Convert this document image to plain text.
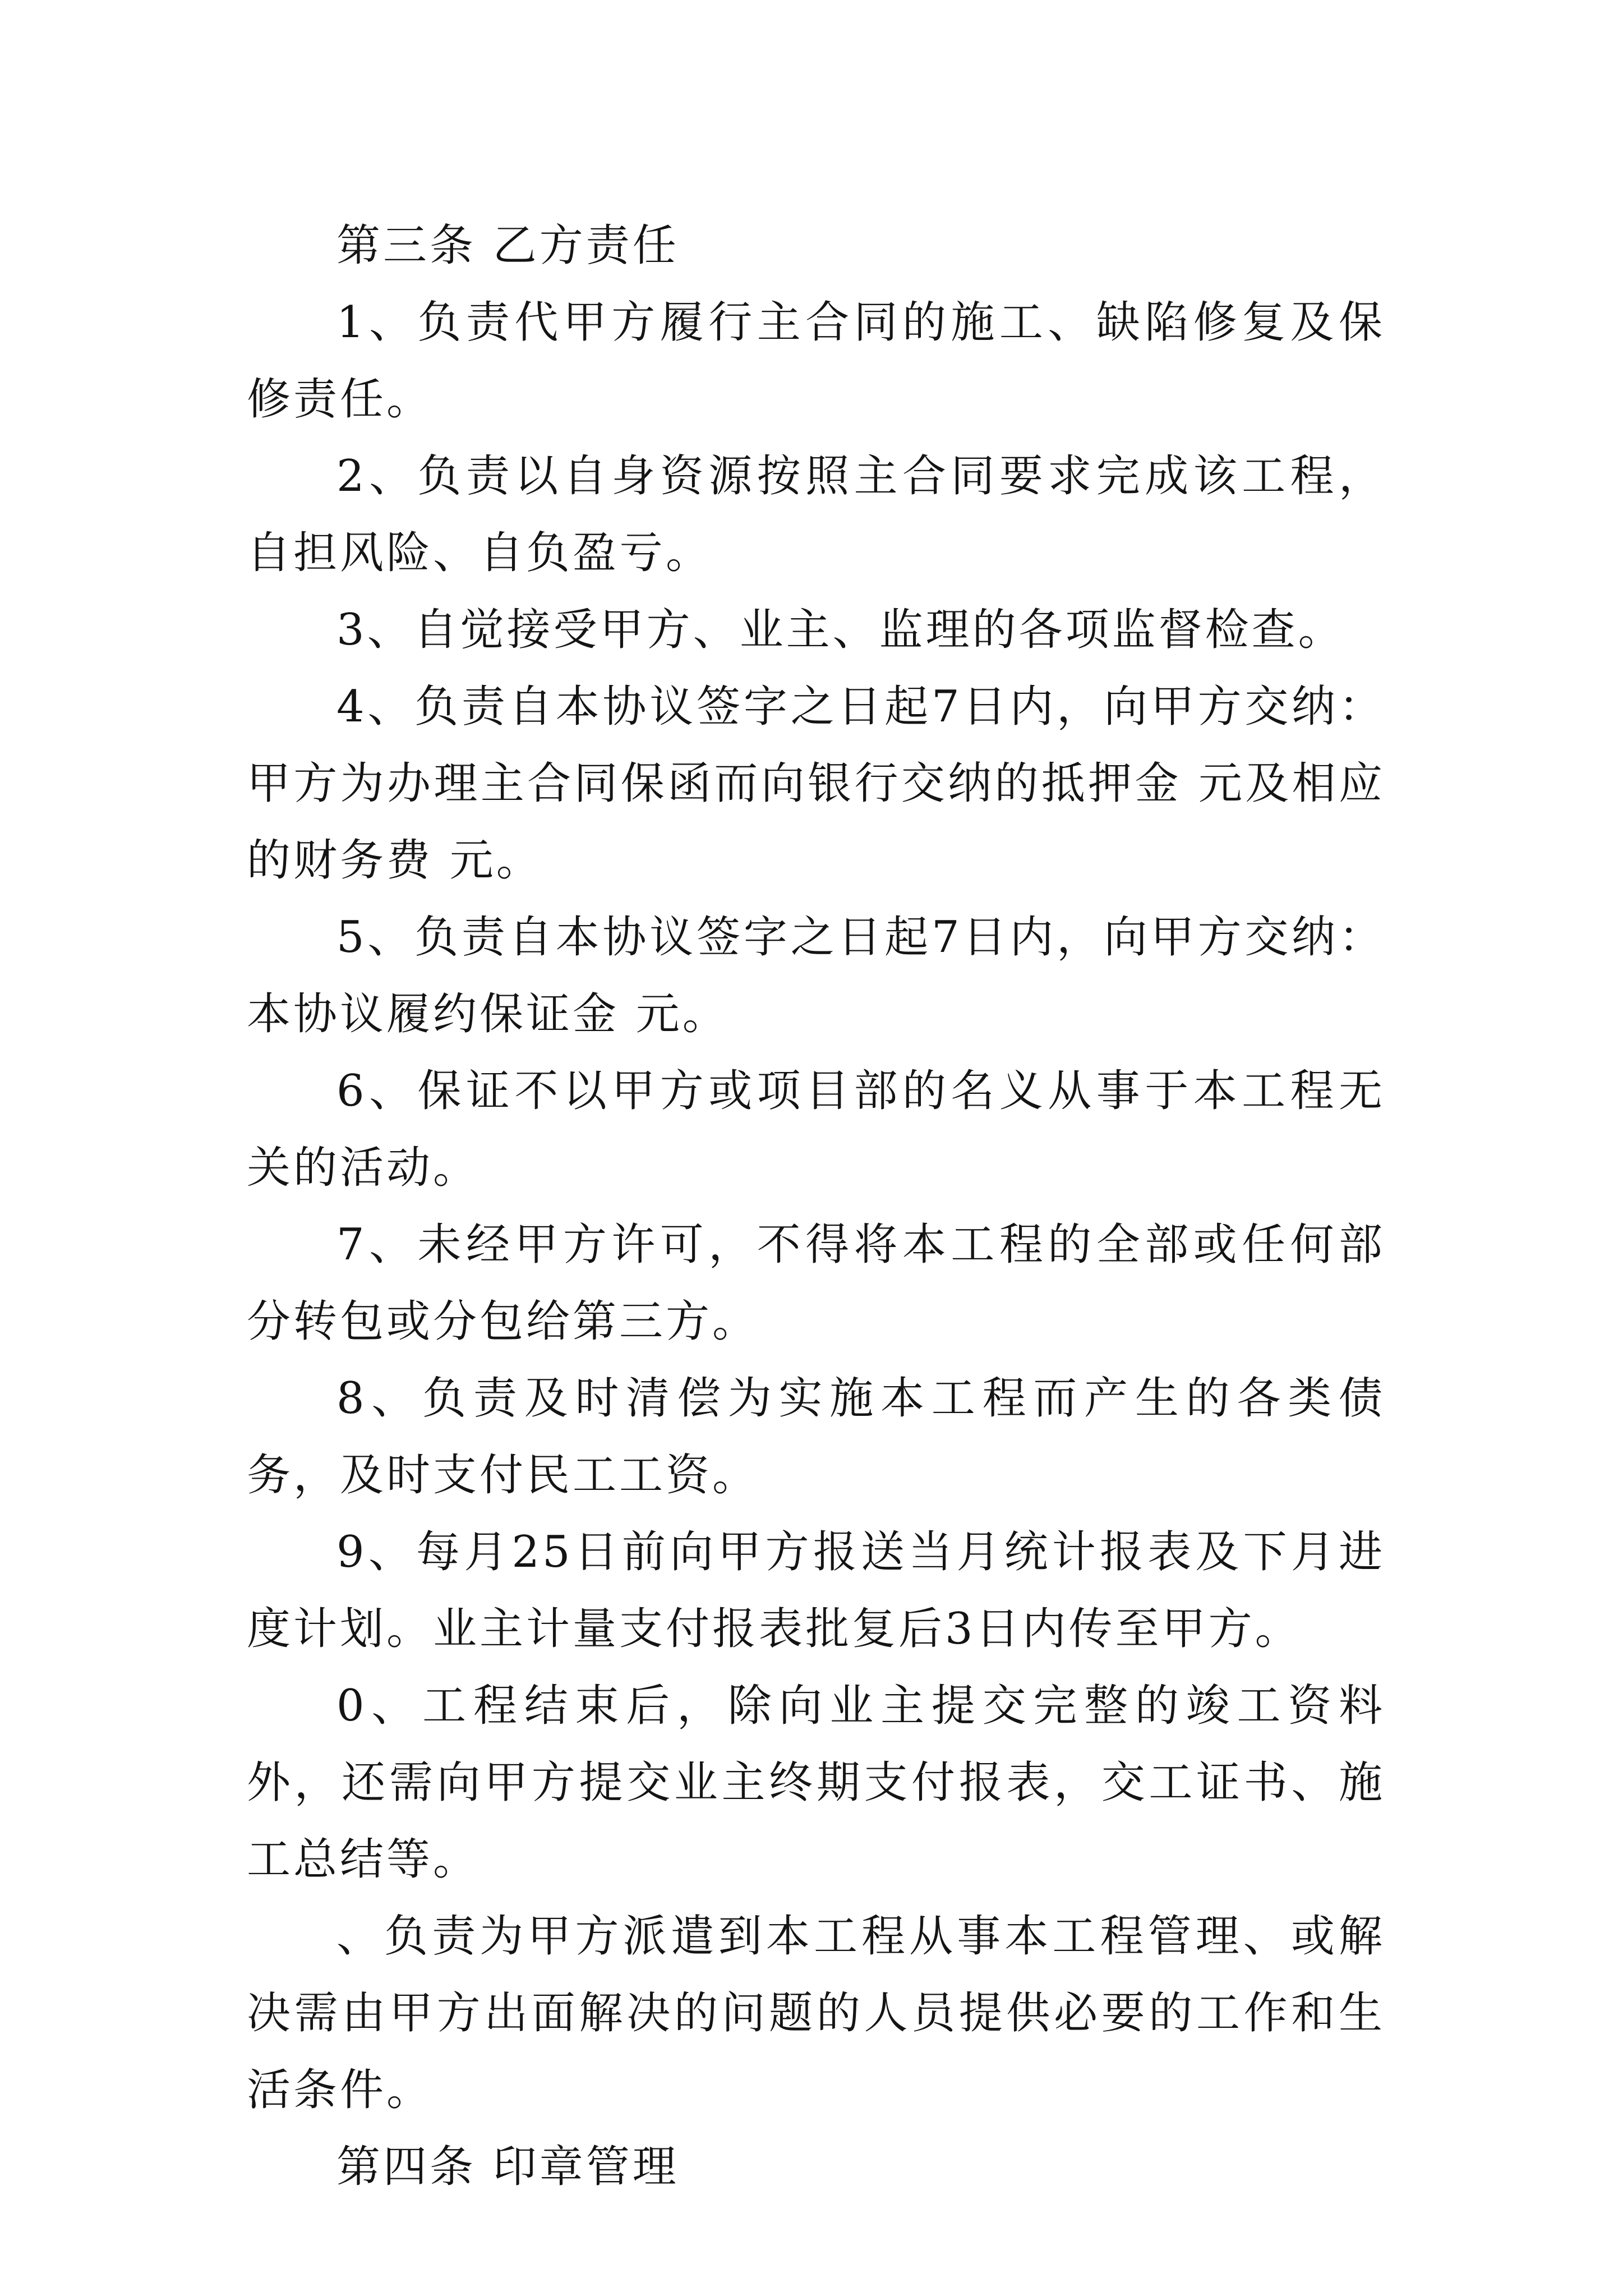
第三条 乙方责任

1、负责代甲方履行主合同的施工、缺陷修复及保修责任。

2、负责以自身资源按照主合同要求完成该工程，自担风险、自负盈亏。

3、自觉接受甲方、业主、监理的各项监督检查。

4、负责自本协议签字之日起7日内，向甲方交纳：甲方为办理主合同保函而向银行交纳的抵押金 元及相应的财务费 元。

5、负责自本协议签字之日起7日内，向甲方交纳：本协议履约保证金 元。

6、保证不以甲方或项目部的名义从事于本工程无关的活动。

7、未经甲方许可，不得将本工程的全部或任何部分转包或分包给第三方。

8、负责及时清偿为实施本工程而产生的各类债务，及时支付民工工资。

9、每月25日前向甲方报送当月统计报表及下月进度计划。业主计量支付报表批复后3日内传至甲方。

0、工程结束后，除向业主提交完整的竣工资料外，还需向甲方提交业主终期支付报表，交工证书、施工总结等。

、负责为甲方派遣到本工程从事本工程管理、或解决需由甲方出面解决的问题的人员提供必要的工作和生活条件。

第四条 印章管理
